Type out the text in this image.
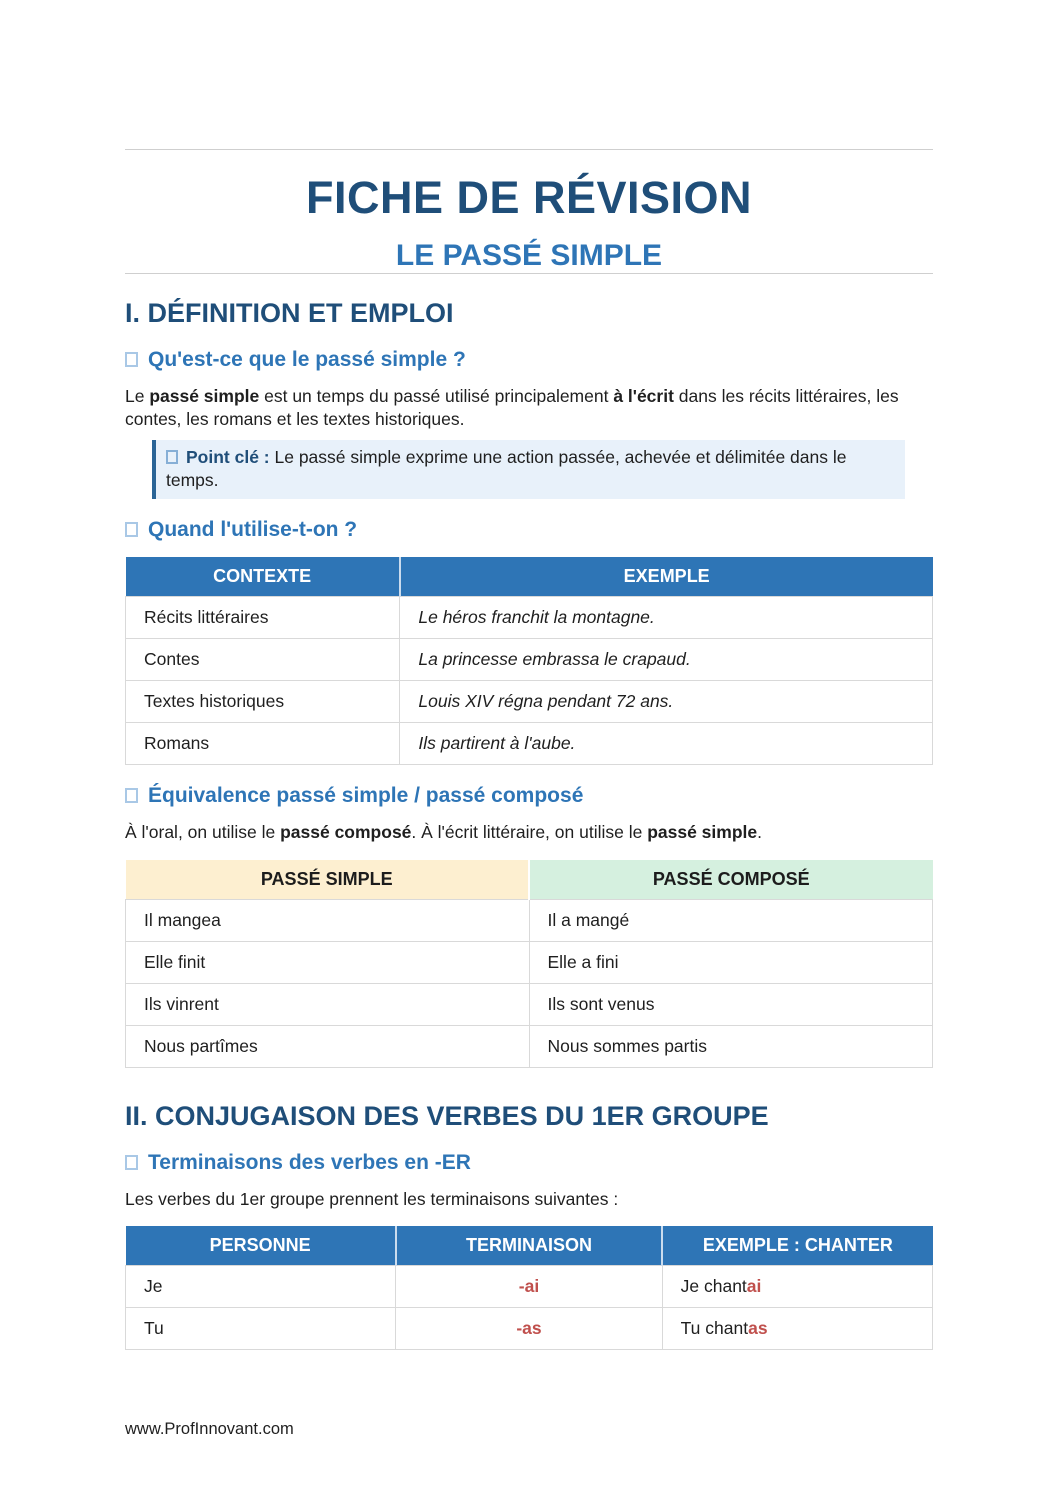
FICHE DE RÉVISION
LE PASSÉ SIMPLE
I. DÉFINITION ET EMPLOI
Qu'est-ce que le passé simple ?

Le passé simple est un temps du passé utilisé principalement à l'écrit dans les récits littéraires, les contes, les romans et les textes historiques.

Point clé : Le passé simple exprime une action passée, achevée et délimitée dans le temps.
Quand l'utilise-t-on ?
CONTEXTE	EXEMPLE
Récits littéraires	Le héros franchit la montagne.
Contes	La princesse embrassa le crapaud.
Textes historiques	Louis XIV régna pendant 72 ans.
Romans	Ils partirent à l'aube.
Équivalence passé simple / passé composé

À l'oral, on utilise le passé composé. À l'écrit littéraire, on utilise le passé simple.

PASSÉ SIMPLE	PASSÉ COMPOSÉ
Il mangea	Il a mangé
Elle finit	Elle a fini
Ils vinrent	Ils sont venus
Nous partîmes	Nous sommes partis
II. CONJUGAISON DES VERBES DU 1ER GROUPE
Terminaisons des verbes en -ER

Les verbes du 1er groupe prennent les terminaisons suivantes :

PERSONNE	TERMINAISON	EXEMPLE : CHANTER
Je	-ai	Je chantai
Tu	-as	Tu chantas
www.ProfInnovant.com
